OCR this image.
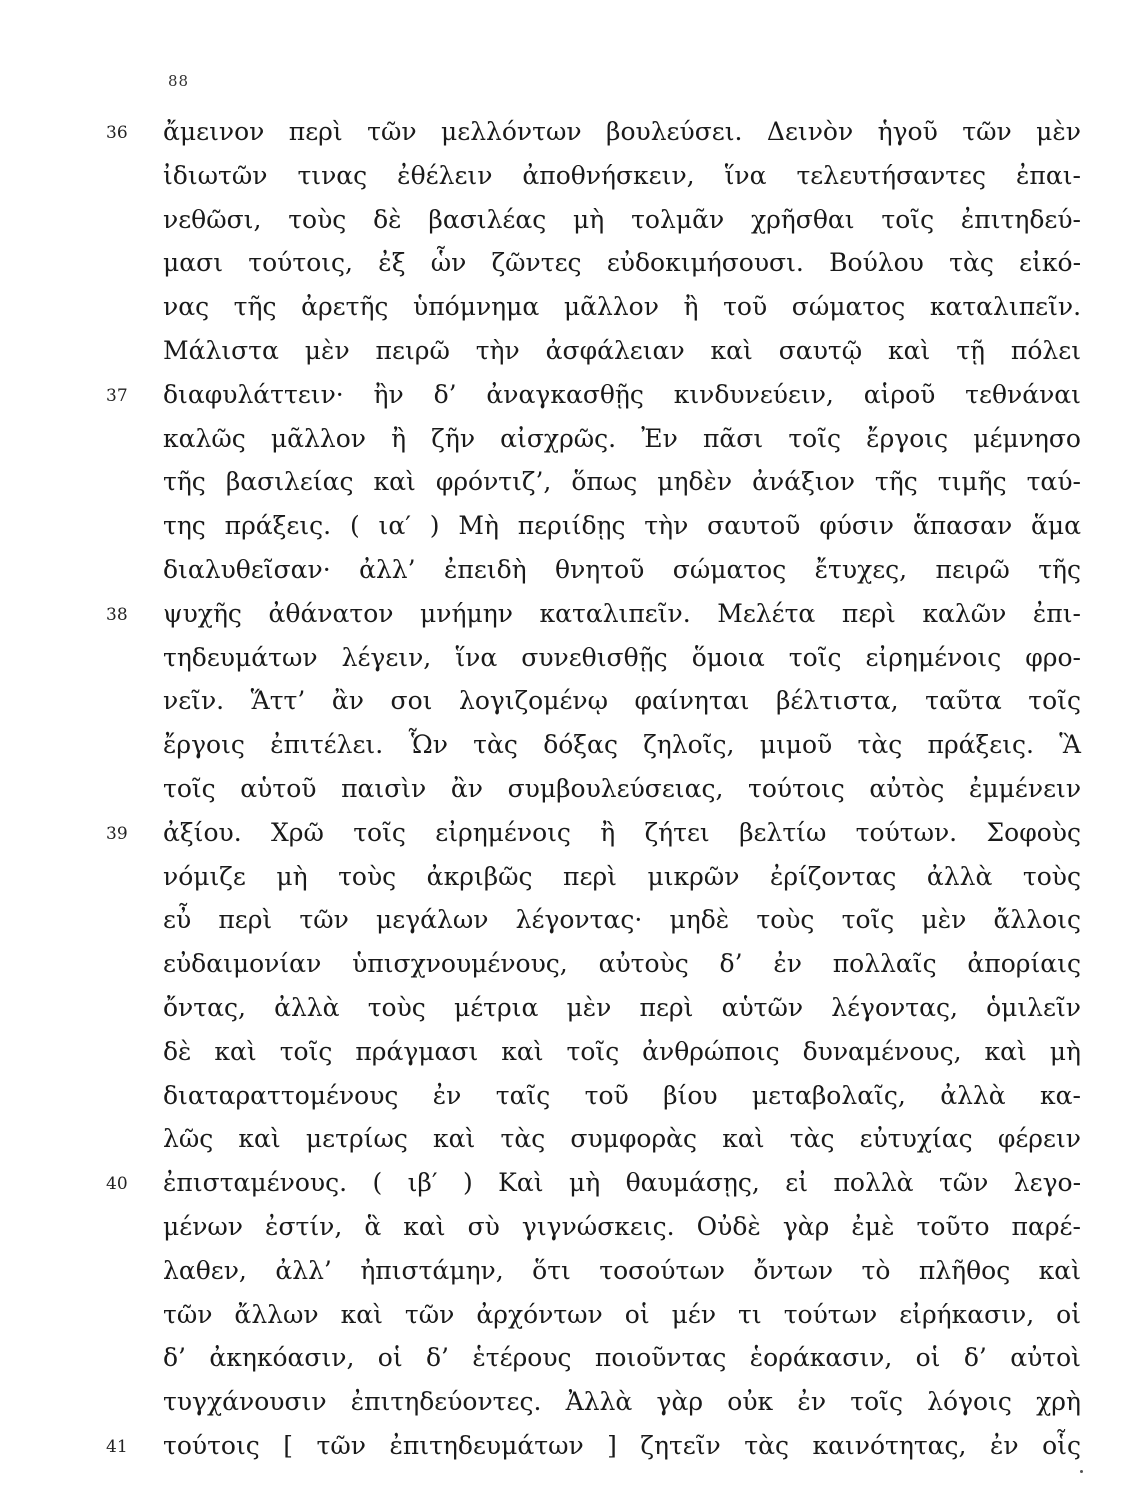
88
36 ἄμεινον περὶ τῶν μελλόντων βουλεύσει. Δεινὸν ἡγοῦ τῶν μὲν
ἰδιωτῶν τινας ἐθέλειν ἀποθνήσκειν, ἵνα τελευτήσαντες ἐπαι-
νεθῶσι, τοὺς δὲ βασιλέας μὴ τολμᾶν χρῆσθαι τοῖς ἐπιτηδεύ-
μασι τούτοις, ἐξ ὧν ζῶντες εὐδοκιμήσουσι. Βούλου τὰς εἰκό-
νας τῆς ἀρετῆς ὑπόμνημα μᾶλλον ἢ τοῦ σώματος καταλιπεῖν.
Μάλιστα μὲν πειρῶ τὴν ἀσφάλειαν καὶ σαυτῷ καὶ τῇ πόλει
37 διαφυλάττειν· ἢν δ’ ἀναγκασθῇς κινδυνεύειν, αἱροῦ τεθνάναι
καλῶς μᾶλλον ἢ ζῆν αἰσχρῶς. Ἐν πᾶσι τοῖς ἔργοις μέμνησο
τῆς βασιλείας καὶ φρόντιζ’, ὅπως μηδὲν ἀνάξιον τῆς τιμῆς ταύ-
της πράξεις. ( ια′ ) Μὴ περιίδῃς τὴν σαυτοῦ φύσιν ἅπασαν ἅμα
διαλυθεῖσαν· ἀλλ’ ἐπειδὴ θνητοῦ σώματος ἔτυχες, πειρῶ τῆς
38 ψυχῆς ἀθάνατον μνήμην καταλιπεῖν. Μελέτα περὶ καλῶν ἐπι-
τηδευμάτων λέγειν, ἵνα συνεθισθῇς ὅμοια τοῖς εἰρημένοις φρο-
νεῖν. Ἅττ’ ἂν σοι λογιζομένῳ φαίνηται βέλτιστα, ταῦτα τοῖς
ἔργοις ἐπιτέλει. Ὧν τὰς δόξας ζηλοῖς, μιμοῦ τὰς πράξεις. Ἃ
τοῖς αὑτοῦ παισὶν ἂν συμβουλεύσειας, τούτοις αὐτὸς ἐμμένειν
39 ἀξίου. Χρῶ τοῖς εἰρημένοις ἢ ζήτει βελτίω τούτων. Σοφοὺς
νόμιζε μὴ τοὺς ἀκριβῶς περὶ μικρῶν ἐρίζοντας ἀλλὰ τοὺς
εὖ περὶ τῶν μεγάλων λέγοντας· μηδὲ τοὺς τοῖς μὲν ἄλλοις
εὐδαιμονίαν ὑπισχνουμένους, αὐτοὺς δ’ ἐν πολλαῖς ἀπορίαις
ὄντας, ἀλλὰ τοὺς μέτρια μὲν περὶ αὑτῶν λέγοντας, ὁμιλεῖν
δὲ καὶ τοῖς πράγμασι καὶ τοῖς ἀνθρώποις δυναμένους, καὶ μὴ
διαταραττομένους ἐν ταῖς τοῦ βίου μεταβολαῖς, ἀλλὰ κα-
λῶς καὶ μετρίως καὶ τὰς συμφορὰς καὶ τὰς εὐτυχίας φέρειν
40 ἐπισταμένους. ( ιβ′ ) Καὶ μὴ θαυμάσῃς, εἰ πολλὰ τῶν λεγο-
μένων ἐστίν, ἃ καὶ σὺ γιγνώσκεις. Οὐδὲ γὰρ ἐμὲ τοῦτο παρέ-
λαθεν, ἀλλ’ ἠπιστάμην, ὅτι τοσούτων ὄντων τὸ πλῆθος καὶ
τῶν ἄλλων καὶ τῶν ἀρχόντων οἱ μέν τι τούτων εἰρήκασιν, οἱ
δ’ ἀκηκόασιν, οἱ δ’ ἑτέρους ποιοῦντας ἑοράκασιν, οἱ δ’ αὐτοὶ
τυγχάνουσιν ἐπιτηδεύοντες. Ἀλλὰ γὰρ οὐκ ἐν τοῖς λόγοις χρὴ
41 τούτοις [ τῶν ἐπιτηδευμάτων ] ζητεῖν τὰς καινότητας, ἐν οἷς
